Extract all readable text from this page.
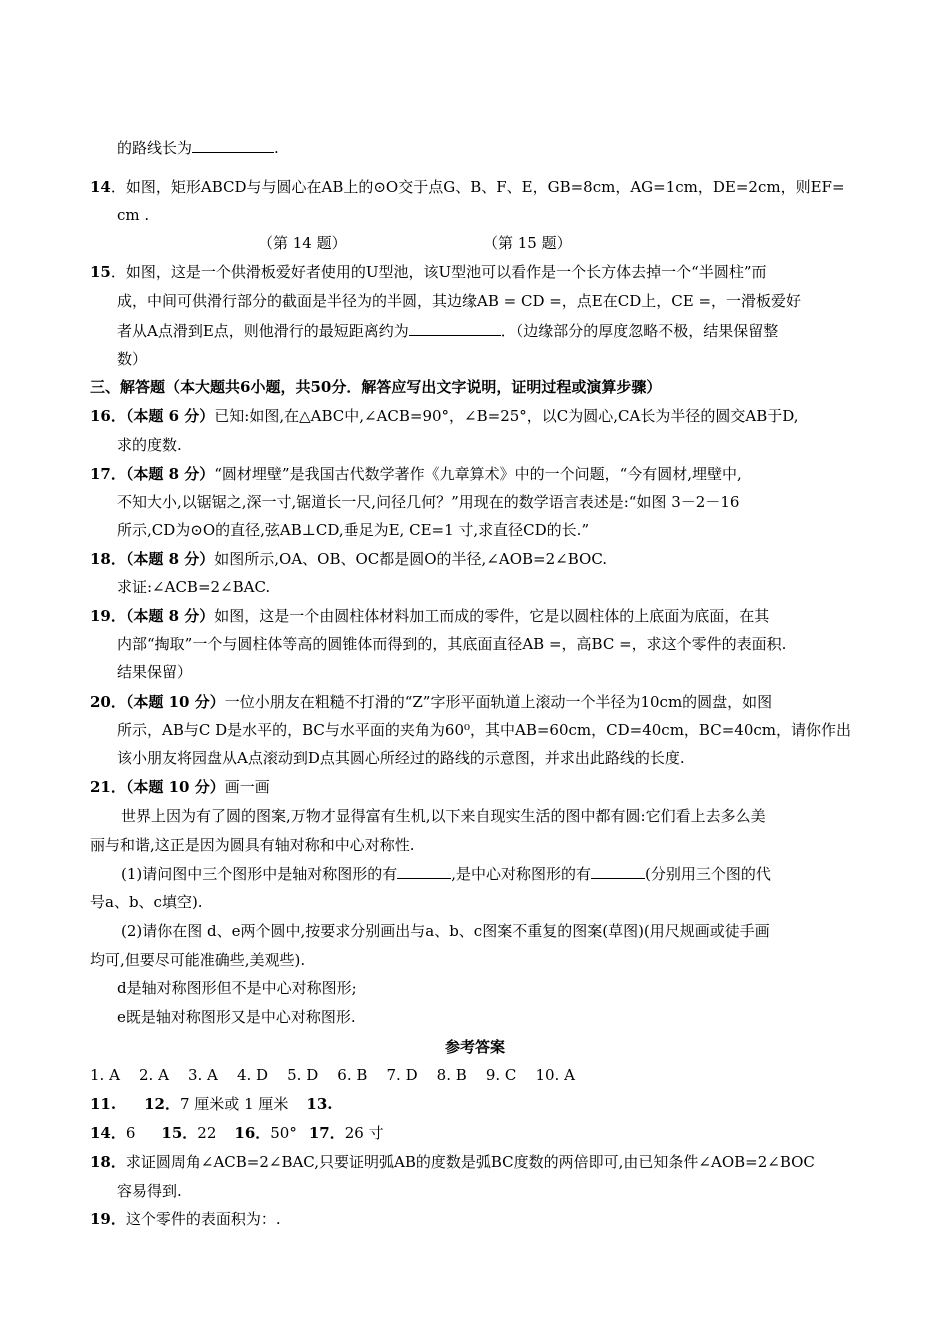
的路线长为	.
14．如图，矩形ABCD与与圆心在AB上的⊙O交于点G、B、F、E，GB=8cm，AG=1cm，DE=2cm，则EF=
cm .
（第 14 题）	（第 15 题）
15．如图，这是一个供滑板爱好者使用的U型池，该U型池可以看作是一个长方体去掉一个“半圆柱”而
成，中间可供滑行部分的截面是半径为的半圆，其边缘AB = CD =，点E在CD上，CE =，一滑板爱好
者从A点滑到E点，则他滑行的最短距离约为	．（边缘部分的厚度忽略不极，结果保留整
数）
三、解答题（本大题共6小题，共50分．解答应写出文字说明，证明过程或演算步骤）
16．（本题 6 分）已知:如图,在△ABC中,∠ACB=90°，∠B=25°，以C为圆心,CA长为半径的圆交AB于D,
求的度数.
17．（本题 8 分）“圆材埋壁”是我国古代数学著作《九章算术》中的一个问题，“今有圆材,埋壁中,
不知大小,以锯锯之,深一寸,锯道长一尺,问径几何？”用现在的数学语言表述是:“如图 3－2－16
所示,CD为⊙O的直径,弦AB⊥CD,垂足为E, CE=1 寸,求直径CD的长.”
18．（本题 8 分）如图所示,OA、OB、OC都是圆O的半径,∠AOB=2∠BOC.
求证:∠ACB=2∠BAC.
19．（本题 8 分）如图，这是一个由圆柱体材料加工而成的零件，它是以圆柱体的上底面为底面，在其
内部“掏取”一个与圆柱体等高的圆锥体而得到的，其底面直径AB =，高BC =，求这个零件的表面积.
结果保留）
20．（本题 10 分）一位小朋友在粗糙不打滑的“Z”字形平面轨道上滚动一个半径为10cm的圆盘，如图
所示，AB与C D是水平的，BC与水平面的夹角为60⁰，其中AB=60cm，CD=40cm，BC=40cm，请你作出
该小朋友将园盘从A点滚动到D点其圆心所经过的路线的示意图，并求出此路线的长度.
21．（本题 10 分）画一画
世界上因为有了圆的图案,万物才显得富有生机,以下来自现实生活的图中都有圆:它们看上去多么美
丽与和谐,这正是因为圆具有轴对称和中心对称性.
(1)请问图中三个图形中是轴对称图形的有	,是中心对称图形的有	(分别用三个图的代
号a、b、c填空).
(2)请你在图 d、e两个圆中,按要求分别画出与a、b、c图案不重复的图案(草图)(用尺规画或徒手画
均可,但要尽可能准确些,美观些).
d是轴对称图形但不是中心对称图形;
e既是轴对称图形又是中心对称图形.
参考答案
1. A    2. A    3. A    4. D    5. D    6. B    7. D    8. B    9. C    10. A
11. 12．7 厘米或 1 厘米 13.
14．6 15．22 16．50° 17．26 寸
18．求证圆周角∠ACB=2∠BAC,只要证明弧AB的度数是弧BC度数的两倍即可,由已知条件∠AOB=2∠BOC
容易得到.
19．这个零件的表面积为：.
